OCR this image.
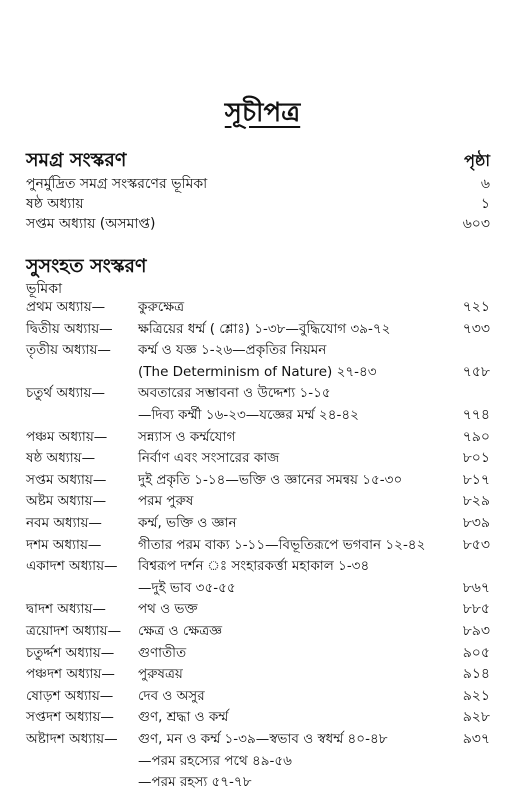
সূচীপত্র
সমগ্র সংস্করণ	পৃষ্ঠা
পুনর্মুদ্রিত সমগ্র সংস্করণের ভূমিকা	৬
ষষ্ঠ অধ্যায়	১
সপ্তম অধ্যায় (অসমাপ্ত)	৬০৩
সুসংহত সংস্করণ
ভূমিকা
প্রথম অধ্যায়—	কুরুক্ষেত্র	৭২১
দ্বিতীয় অধ্যায়—	ক্ষত্রিয়ের ধর্ম্ম ( শ্লোঃ) ১-৩৮—বুদ্ধিযোগ ৩৯-৭২	৭৩৩
তৃতীয় অধ্যায়—	কর্ম্ম ও যজ্ঞ ১-২৬—প্রকৃতির নিয়মন
(The Determinism of Nature) ২৭-৪৩	৭৫৮
চতুর্থ অধ্যায়—	অবতারের সম্ভাবনা ও উদ্দেশ্য ১-১৫
—দিব্য কর্ম্মী ১৬-২৩—যজ্ঞের মর্ম্ম ২৪-৪২	৭৭৪
পঞ্চম অধ্যায়—	সন্ন্যাস ও কর্ম্মযোগ	৭৯০
ষষ্ঠ অধ্যায়—	নির্বাণ এবং সংসারের কাজ	৮০১
সপ্তম অধ্যায়—	দুই প্রকৃতি ১-১৪—ভক্তি ও জ্ঞানের সমন্বয় ১৫-৩০	৮১৭
অষ্টম অধ্যায়—	পরম পুরুষ	৮২৯
নবম অধ্যায়—	কর্ম্ম, ভক্তি ও জ্ঞান	৮৩৯
দশম অধ্যায়—	গীতার পরম বাক্য ১-১১—বিভূতিরূপে ভগবান ১২-৪২	৮৫৩
একাদশ অধ্যায়—	বিশ্বরূপ দর্শন ঃ সংহারকর্ত্তা মহাকাল ১-৩৪
—দুই ভাব ৩৫-৫৫	৮৬৭
দ্বাদশ অধ্যায়—	পথ ও ভক্ত	৮৮৫
ত্রয়োদশ অধ্যায়—	ক্ষেত্র ও ক্ষেত্রজ্ঞ	৮৯৩
চতুর্দ্দশ অধ্যায়—	গুণাতীত	৯০৫
পঞ্চদশ অধ্যায়—	পুরুষত্রয়	৯১৪
ষোড়শ অধ্যায়—	দেব ও অসুর	৯২১
সপ্তদশ অধ্যায়—	গুণ, শ্রদ্ধা ও কর্ম্ম	৯২৮
অষ্টাদশ অধ্যায়—	গুণ, মন ও কর্ম্ম ১-৩৯—স্বভাব ও স্বধর্ম্ম ৪০-৪৮	৯৩৭
—পরম রহস্যের পথে ৪৯-৫৬
—পরম রহস্য ৫৭-৭৮
